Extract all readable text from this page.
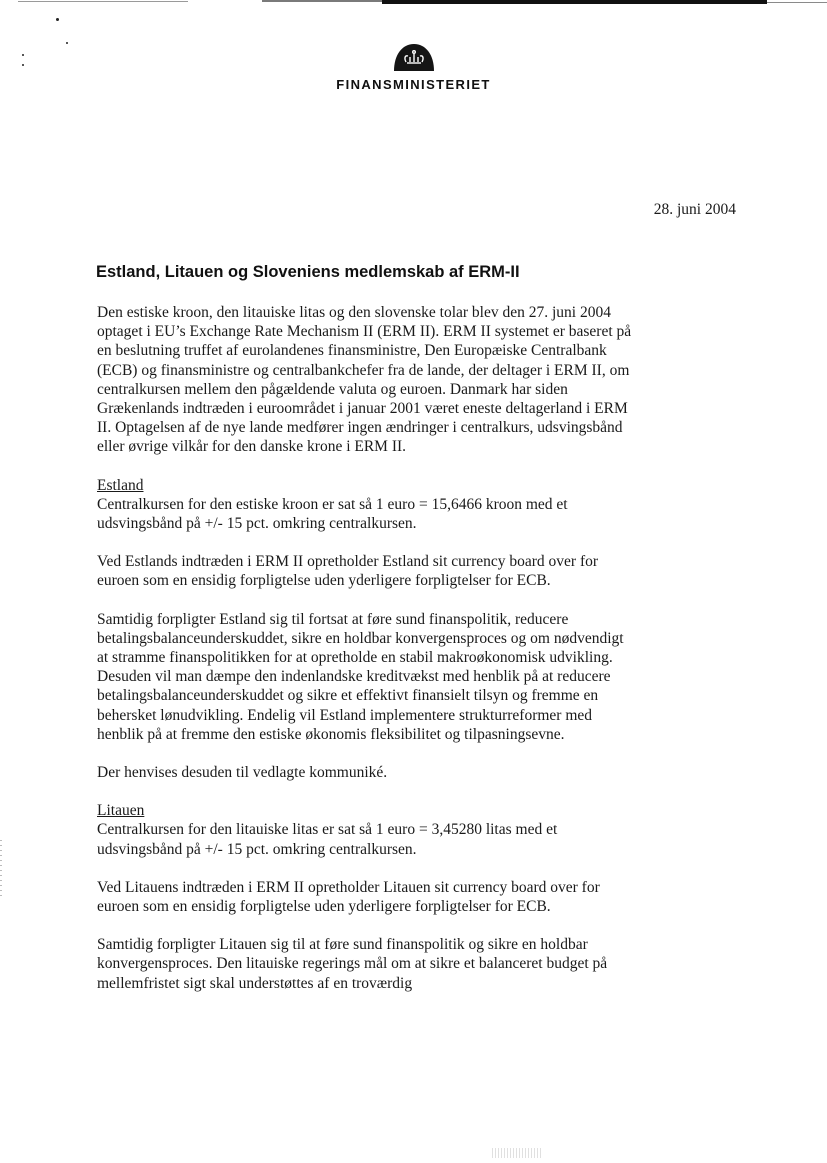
FINANSMINISTERIET
28. juni 2004
Estland, Litauen og Sloveniens medlemskab af ERM-II

Den estiske kroon, den litauiske litas og den slovenske tolar blev den 27. juni 2004 optaget i EU’s Exchange Rate Mechanism II (ERM II). ERM II systemet er baseret på en beslutning truffet af eurolandenes finansministre, Den Europæiske Centralbank (ECB) og finansministre og centralbankchefer fra de lande, der deltager i ERM II, om centralkursen mellem den pågældende valuta og euroen. Danmark har siden Grækenlands indtræden i euroområdet i januar 2001 været eneste deltagerland i ERM II. Optagelsen af de nye lande medfører ingen ændringer i centralkurs, udsvingsbånd eller øvrige vilkår for den danske krone i ERM II.

Estland

Centralkursen for den estiske kroon er sat så 1 euro = 15,6466 kroon med et udsvingsbånd på +/- 15 pct. omkring centralkursen.

Ved Estlands indtræden i ERM II opretholder Estland sit currency board over for euroen som en ensidig forpligtelse uden yderligere forpligtelser for ECB.

Samtidig forpligter Estland sig til fortsat at føre sund finanspolitik, reducere betalingsbalanceunderskuddet, sikre en holdbar konvergensproces og om nødvendigt at stramme finanspolitikken for at opretholde en stabil makroøkonomisk udvikling. Desuden vil man dæmpe den indenlandske kreditvækst med henblik på at reducere betalingsbalanceunderskuddet og sikre et effektivt finansielt tilsyn og fremme en behersket lønudvikling. Endelig vil Estland implementere strukturreformer med henblik på at fremme den estiske økonomis fleksibilitet og tilpasningsevne.

Der henvises desuden til vedlagte kommuniké.

Litauen

Centralkursen for den litauiske litas er sat så 1 euro = 3,45280 litas med et udsvingsbånd på +/- 15 pct. omkring centralkursen.

Ved Litauens indtræden i ERM II opretholder Litauen sit currency board over for euroen som en ensidig forpligtelse uden yderligere forpligtelser for ECB.

Samtidig forpligter Litauen sig til at føre sund finanspolitik og sikre en holdbar konvergensproces. Den litauiske regerings mål om at sikre et balanceret budget på mellemfristet sigt skal understøttes af en troværdig
